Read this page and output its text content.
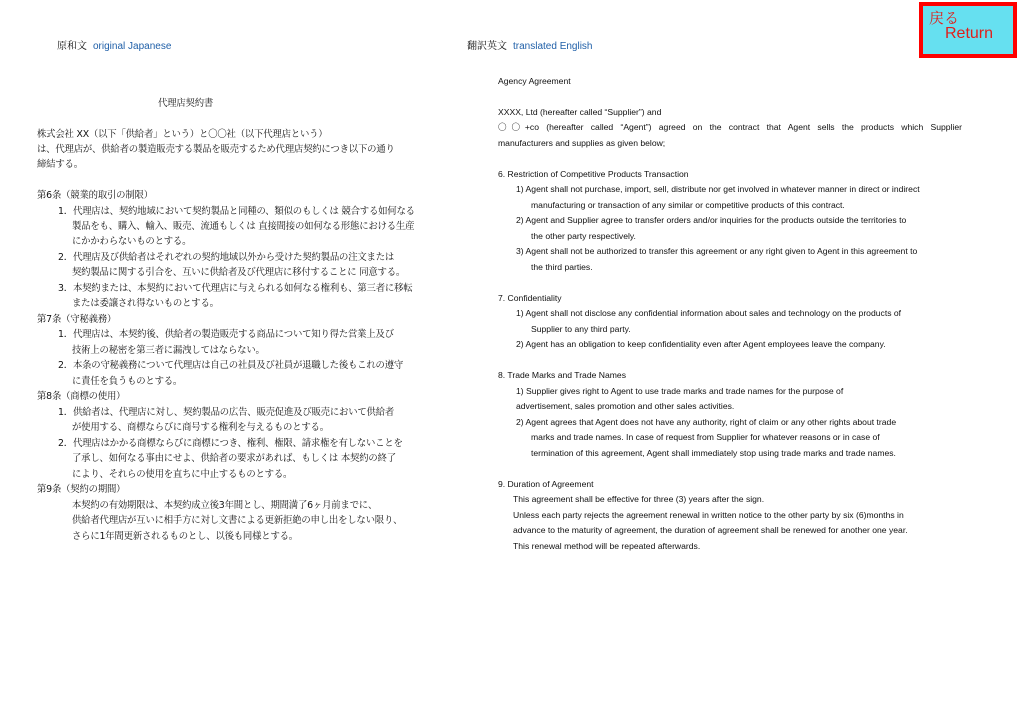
原和文 original Japanese	翻訳英文 translated English
戻る
Return
代理店契約書
株式会社 XX（以下「供給者」という）と〇〇社（以下代理店という）
は、代理店が、供給者の製造販売する製品を販売するため代理店契約につき以下の通り
締結する。
第6条（競業的取引の制限）
1．代理店は、契約地域において契約製品と同種の、類似のもしくは 競合する如何なる
製品をも、購入、輸入、販売、流通もしくは 直接間接の如何なる形態における生産
にかかわらないものとする。
2．代理店及び供給者はそれぞれの契約地域以外から受けた契約製品の注文または
契約製品に関する引合を、互いに供給者及び代理店に移付することに 同意する。
3．本契約または、本契約において代理店に与えられる如何なる権利も、第三者に移転
または委譲され得ないものとする。
第7条（守秘義務）
1．代理店は、本契約後、供給者の製造販売する商品について知り得た営業上及び
技術上の秘密を第三者に漏洩してはならない。
2．本条の守秘義務について代理店は自己の社員及び社員が退職した後もこれの遵守
に責任を負うものとする。
第8条（商標の使用）
1．供給者は、代理店に対し、契約製品の広告、販売促進及び販売において供給者
が使用する、商標ならびに商号する権利を与えるものとする。
2．代理店はかかる商標ならびに商標につき、権利、権限、請求権を有しないことを
了承し、如何なる事由にせよ、供給者の要求があれば、もしくは 本契約の終了
により、それらの使用を直ちに中止するものとする。
第9条（契約の期間）
本契約の有効期限は、本契約成立後3年間とし、期間満了6ヶ月前までに、
供給者代理店が互いに相手方に対し文書による更新拒絶の申し出をしない限り、
さらに1年間更新されるものとし、以後も同様とする。
Agency Agreement
XXXX, Ltd (hereafter called “Supplier”) and
〇〇+co (hereafter called “Agent”) agreed on the contract that Agent sells the products which Supplier
manufacturers and supplies as given below;
6. Restriction of Competitive Products Transaction
1) Agent shall not purchase, import, sell, distribute nor get involved in whatever manner in direct or indirect
manufacturing or transaction of any similar or competitive products of this contract.
2) Agent and Supplier agree to transfer orders and/or inquiries for the products outside the territories to
the other party respectively.
3) Agent shall not be authorized to transfer this agreement or any right given to Agent in this agreement to
the third parties.
7. Confidentiality
1) Agent shall not disclose any confidential information about sales and technology on the products of
Supplier to any third party.
2) Agent has an obligation to keep confidentiality even after Agent employees leave the company.
8. Trade Marks and Trade Names
1) Supplier gives right to Agent to use trade marks and trade names for the purpose of
advertisement, sales promotion and other sales activities.
2) Agent agrees that Agent does not have any authority, right of claim or any other rights about trade
marks and trade names. In case of request from Supplier for whatever reasons or in case of
termination of this agreement, Agent shall immediately stop using trade marks and trade names.
9. Duration of Agreement
This agreement shall be effective for three (3) years after the sign.
Unless each party rejects the agreement renewal in written notice to the other party by six (6)months in
advance to the maturity of agreement, the duration of agreement shall be renewed for another one year.
This renewal method will be repeated afterwards.
